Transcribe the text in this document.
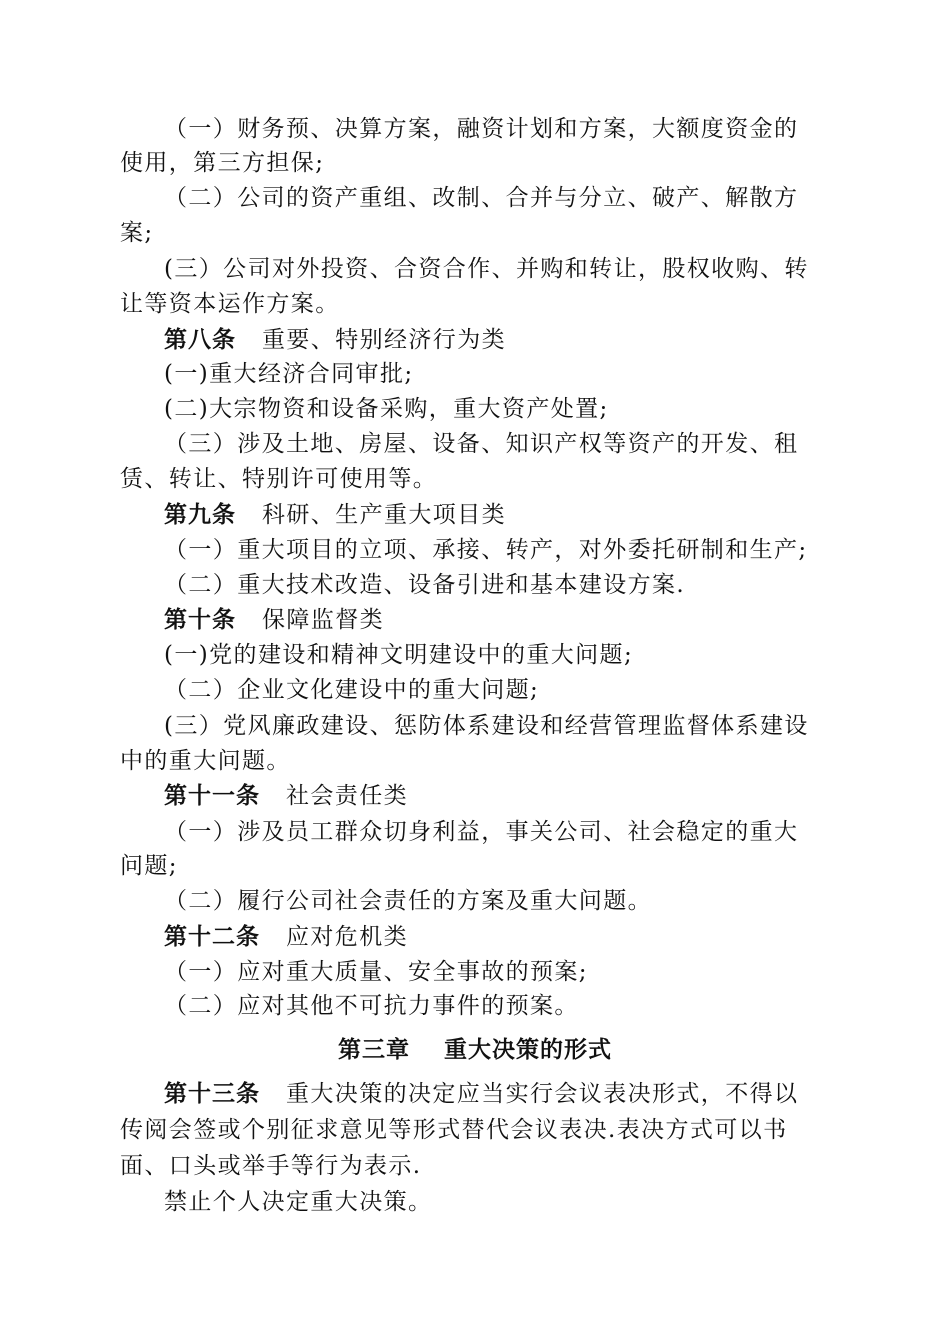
（一）财务预、决算方案，融资计划和方案，大额度资金的
使用，第三方担保;
（二）公司的资产重组、改制、合并与分立、破产、解散方
案;
(三）公司对外投资、合资合作、并购和转让，股权收购、转
让等资本运作方案。
第八条 重要、特别经济行为类
(一)重大经济合同审批;
(二)大宗物资和设备采购，重大资产处置;
（三）涉及土地、房屋、设备、知识产权等资产的开发、租
赁、转让、特别许可使用等。
第九条 科研、生产重大项目类
（一）重大项目的立项、承接、转产，对外委托研制和生产;
（二）重大技术改造、设备引进和基本建设方案.
第十条 保障监督类
(一)党的建设和精神文明建设中的重大问题;
（二）企业文化建设中的重大问题;
(三）党风廉政建设、惩防体系建设和经营管理监督体系建设
中的重大问题。
第十一条 社会责任类
（一）涉及员工群众切身利益，事关公司、社会稳定的重大
问题;
（二）履行公司社会责任的方案及重大问题。
第十二条 应对危机类
（一）应对重大质量、安全事故的预案;
（二）应对其他不可抗力事件的预案。
第三章 重大决策的形式
第十三条 重大决策的决定应当实行会议表决形式，不得以
传阅会签或个别征求意见等形式替代会议表决.表决方式可以书
面、口头或举手等行为表示.
禁止个人决定重大决策。
